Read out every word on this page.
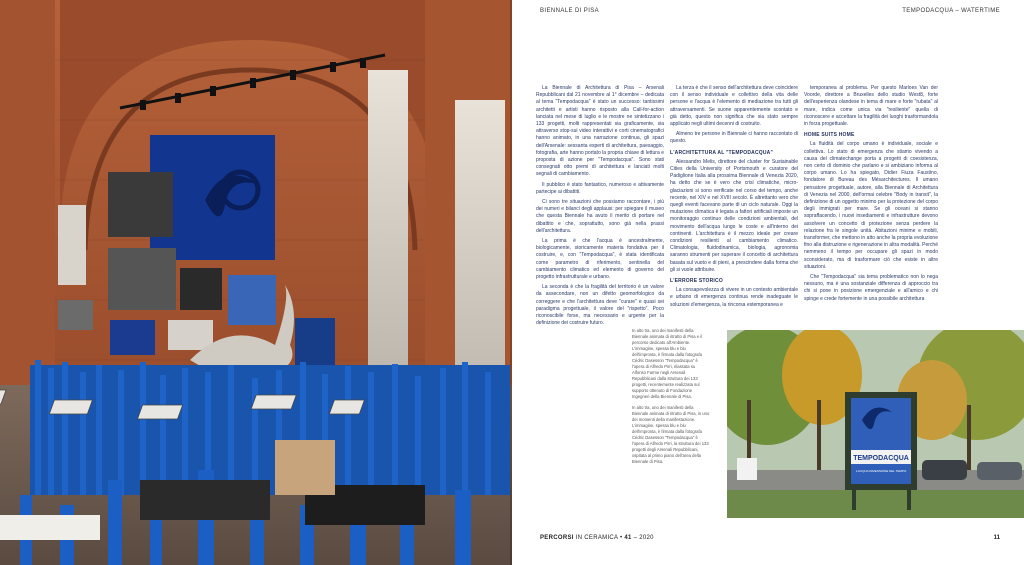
BIENNALE DI PISA	TEMPODACQUA – WATERTIME

La Biennale di Architettura di Pisa – Arsenali Repubblicani dal 21 novembre al 1° dicembre – dedicata al tema "Tempodacqua" è stato un successo: tantissimi architetti e artisti hanno risposto alla Call-for-action lanciata nel mese di luglio e le mostre ne sintetizzano i 133 progetti, molti rappresentati sia graficamente, sia attraverso stop-sui video interattivi e corti cinematografici hanno animato, in una narrazione continua, gli spazi dell'Arsenale: sessanta esperti di architettura, paesaggio, fotografia, arte hanno portato la propria chiave di lettura e proposta di azione per "Tempodacqua". Sono stati consegnati otto premi di architettura e lanciati molti segnali di cambiamento.

Il pubblico è stato fantastico, numeroso e attivamente partecipe ai dibattiti.

Ci sono tre situazioni che possiamo raccontare, i più dei numeri e bilanci degli applausi: per spiegare il museo che questa Biennale ha avuto il merito di portare nel dibattito e che, soprattutto, sono già nella prassi dell'architettura.

La prima è che l'acqua è ancestralmente, biologicamente, storicamente materia fondativa per il costruire, e, con "Tempodacqua", è stata identificata come parametro di riferimento, sentinella del cambiamento climatico ed elemento di governo del progetto infrastrutturale e urbano.

La seconda è che la fragilità del territorio è un valore da assecondare, non un difetto geomorfologico da correggere e che l'architettura deve "curare" e quasi sei paradigma progettuale, il valore del "rispetto". Poco riconoscibile forse, ma necessario e urgente per la definizione dei costruire futuro.

La terza è che il senso dell'architettura deve coincidere con il senso individuale e collettivo della vita delle persone e l'acqua è l'elemento di mediazione tra tutti gli attraversamenti. Se suone apparentemente scontato e già detto, questo non significa che sia stato sempre applicato negli ultimi decenni di costruito.

Almeno tre persone in Biennale ci hanno raccontato di questo.

L'ARCHITETTURA AL "TEMPODACQUA"

Alessandro Melis, direttore del cluster for Sustainable Cities della University of Portsmouth e curatore del Padiglione Italia alla prossima Biennale di Venezia 2020, ha detto che se è vero che crisi climatiche, micro-glaciazioni si sono verificate nel corso del tempo, anche recente, nel XIV e nel XVIII secolo. È altrettanto vero che quegli eventi facevano parte di un ciclo naturale. Oggi la mutazione climatica è legata a fattori artificiali imposte un monitoraggio continuo delle condizioni ambientali, del movimento dell'acqua lungo le coste e all'interno dei continenti. L'architettura è il mezzo ideale per creare condizioni resilienti al cambiamento climatico. Climatologia, fluidodinamica, biologia, agronomia saranno strumenti per superare il concetto di architettura basata sul vuoto e di pieni, a prescindere dalla forma che gli si vuole attribuire.

L'ERRORE STORICO

La consapevolezza di vivere in un contesto ambientale e urbano di emergenza continua rende inadeguate le soluzioni d'emergenza, la rincorsa estemporanea e

temporanea al problema. Per questo Marloes Van der Voorde, direttore a Bruxelles dello studio West8, forte dell'esperienza olandese in tema di mare e forte "rubata" al mare, indica come unica via "resiliente" quella di riconoscere e accettare la fragilità dei luoghi trasformandola in forza progettuale.

HOME SUITS HOME

La fluidità del corpo umano è individuale, sociale e collettiva. Lo stato di emergenza che stiamo vivendo a causa del climatechange porta a progetti di coesistenza, non certo di dominio che parlano e si ambiziano informa al corpo umano. Lo ha spiegato, Didier Fiuza Faustino, fondatore di Bureau des Mésarchitectures. Il umano pensatore progettuale, autore, alla Biennale di Architettura di Venezia nel 2000, dell'ormai celebre "Body in transit", la definizione di un oggetto minimo per la protezione del corpo degli immigrati per mare. Se gli oceani si stanno sopraffacendo, i nuovi insediamenti e infrastrutture devono assolvere un concetto di protezione senza perdere la relazione fra le singole unità. Abitazioni minime e mobili, transformer, che mettono in atto anche la propria evoluzione fino alla distruzione e rigenerazione in altra modalità. Perché nemmeno il tempo per occupare gli spazi in modo sconsiderato, ma di trasformare ciò che esiste in altre situazioni.

Che "Tempodacqua" sia tema problematico non lo nega nessuno, ma è una sostanziale differenza di approccio tra chi si pone in posizione emergenziale e all'amico e chi spinge e crede fortemente in una possibile architettura

In alto tra, uno dei manifesti della Biennale animata di ritratto di Pisa e il percorso dedicato all'Ambiente. L'immagine, spessa blu e blu dell'impronta, è firmata dalla fotografa Cédric Dasesson "Tempodacqua" è l'opera di Alfredo Pirri, rilassata su Alfonso Farme negli Arsenali Repubblicani dalla struttura dei 133 progetti, recentemente realizzata sul supporto ottenuto di Fondazione Ingegneri della Biennale di Pisa.

In alto tra, uno dei manifesti della Biennale animata di ritratto di Pisa, in uno dei momenti della manifestazione. L'immagine, spessa blu e blu dell'impronta, è firmata dalla fotografa Cédric Dasesson "Tempodacqua" è l'opera di Alfredo Pirri, la struttura dei 133 progetti degli Arsenali Repubblicani, ospitata al primo piano dell'area della Biennale di Pisa.	TEMPODACQUA
L'ACQUA DIMENSIONE DEL TEMPO
PERCORSI IN CERAMICA • 41 – 2020	11
